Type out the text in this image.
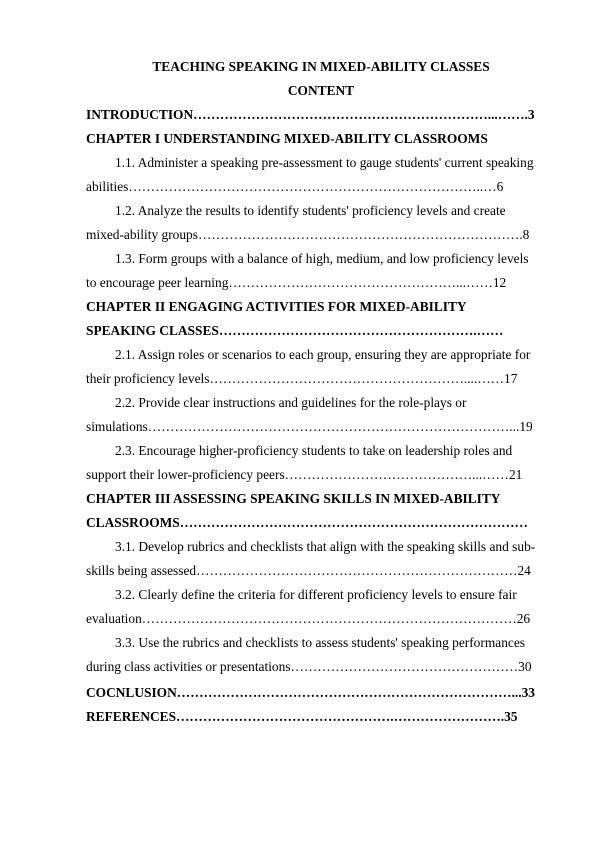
TEACHING SPEAKING IN MIXED-ABILITY CLASSES
CONTENT
INTRODUCTION…………………………………………………………...…….3
CHAPTER I UNDERSTANDING MIXED-ABILITY CLASSROOMS
1.1. Administer a speaking pre-assessment to gauge students' current speaking
abilities……………………………………………………………………..…6
1.2. Analyze the results to identify students' proficiency levels and create
mixed-ability groups……………………………………………………………….8
1.3. Form groups with a balance of high, medium, and low proficiency levels
to encourage peer learning……………………………………………...……12
CHAPTER II ENGAGING ACTIVITIES FOR MIXED-ABILITY
SPEAKING CLASSES………………………………………………….……
2.1. Assign roles or scenarios to each group, ensuring they are appropriate for
their proficiency levels…………………………………………………....……17
2.2. Provide clear instructions and guidelines for the role-plays or
simulations………………………………………………………………………...19
2.3. Encourage higher-proficiency students to take on leadership roles and
support their lower-proficiency peers……………………………………...……21
CHAPTER III ASSESSING SPEAKING SKILLS IN MIXED-ABILITY
CLASSROOMS……………………………………………………………………
3.1. Develop rubrics and checklists that align with the speaking skills and sub-
skills being assessed………………………………………………………………24
3.2. Clearly define the criteria for different proficiency levels to ensure fair
evaluation…………………………………………………………………………26
3.3. Use the rubrics and checklists to assess students' speaking performances
during class activities or presentations……………………………………………30
COCNLUSION…………………………………………………………………...33
REFERENCES………………………………………….…………………….35
